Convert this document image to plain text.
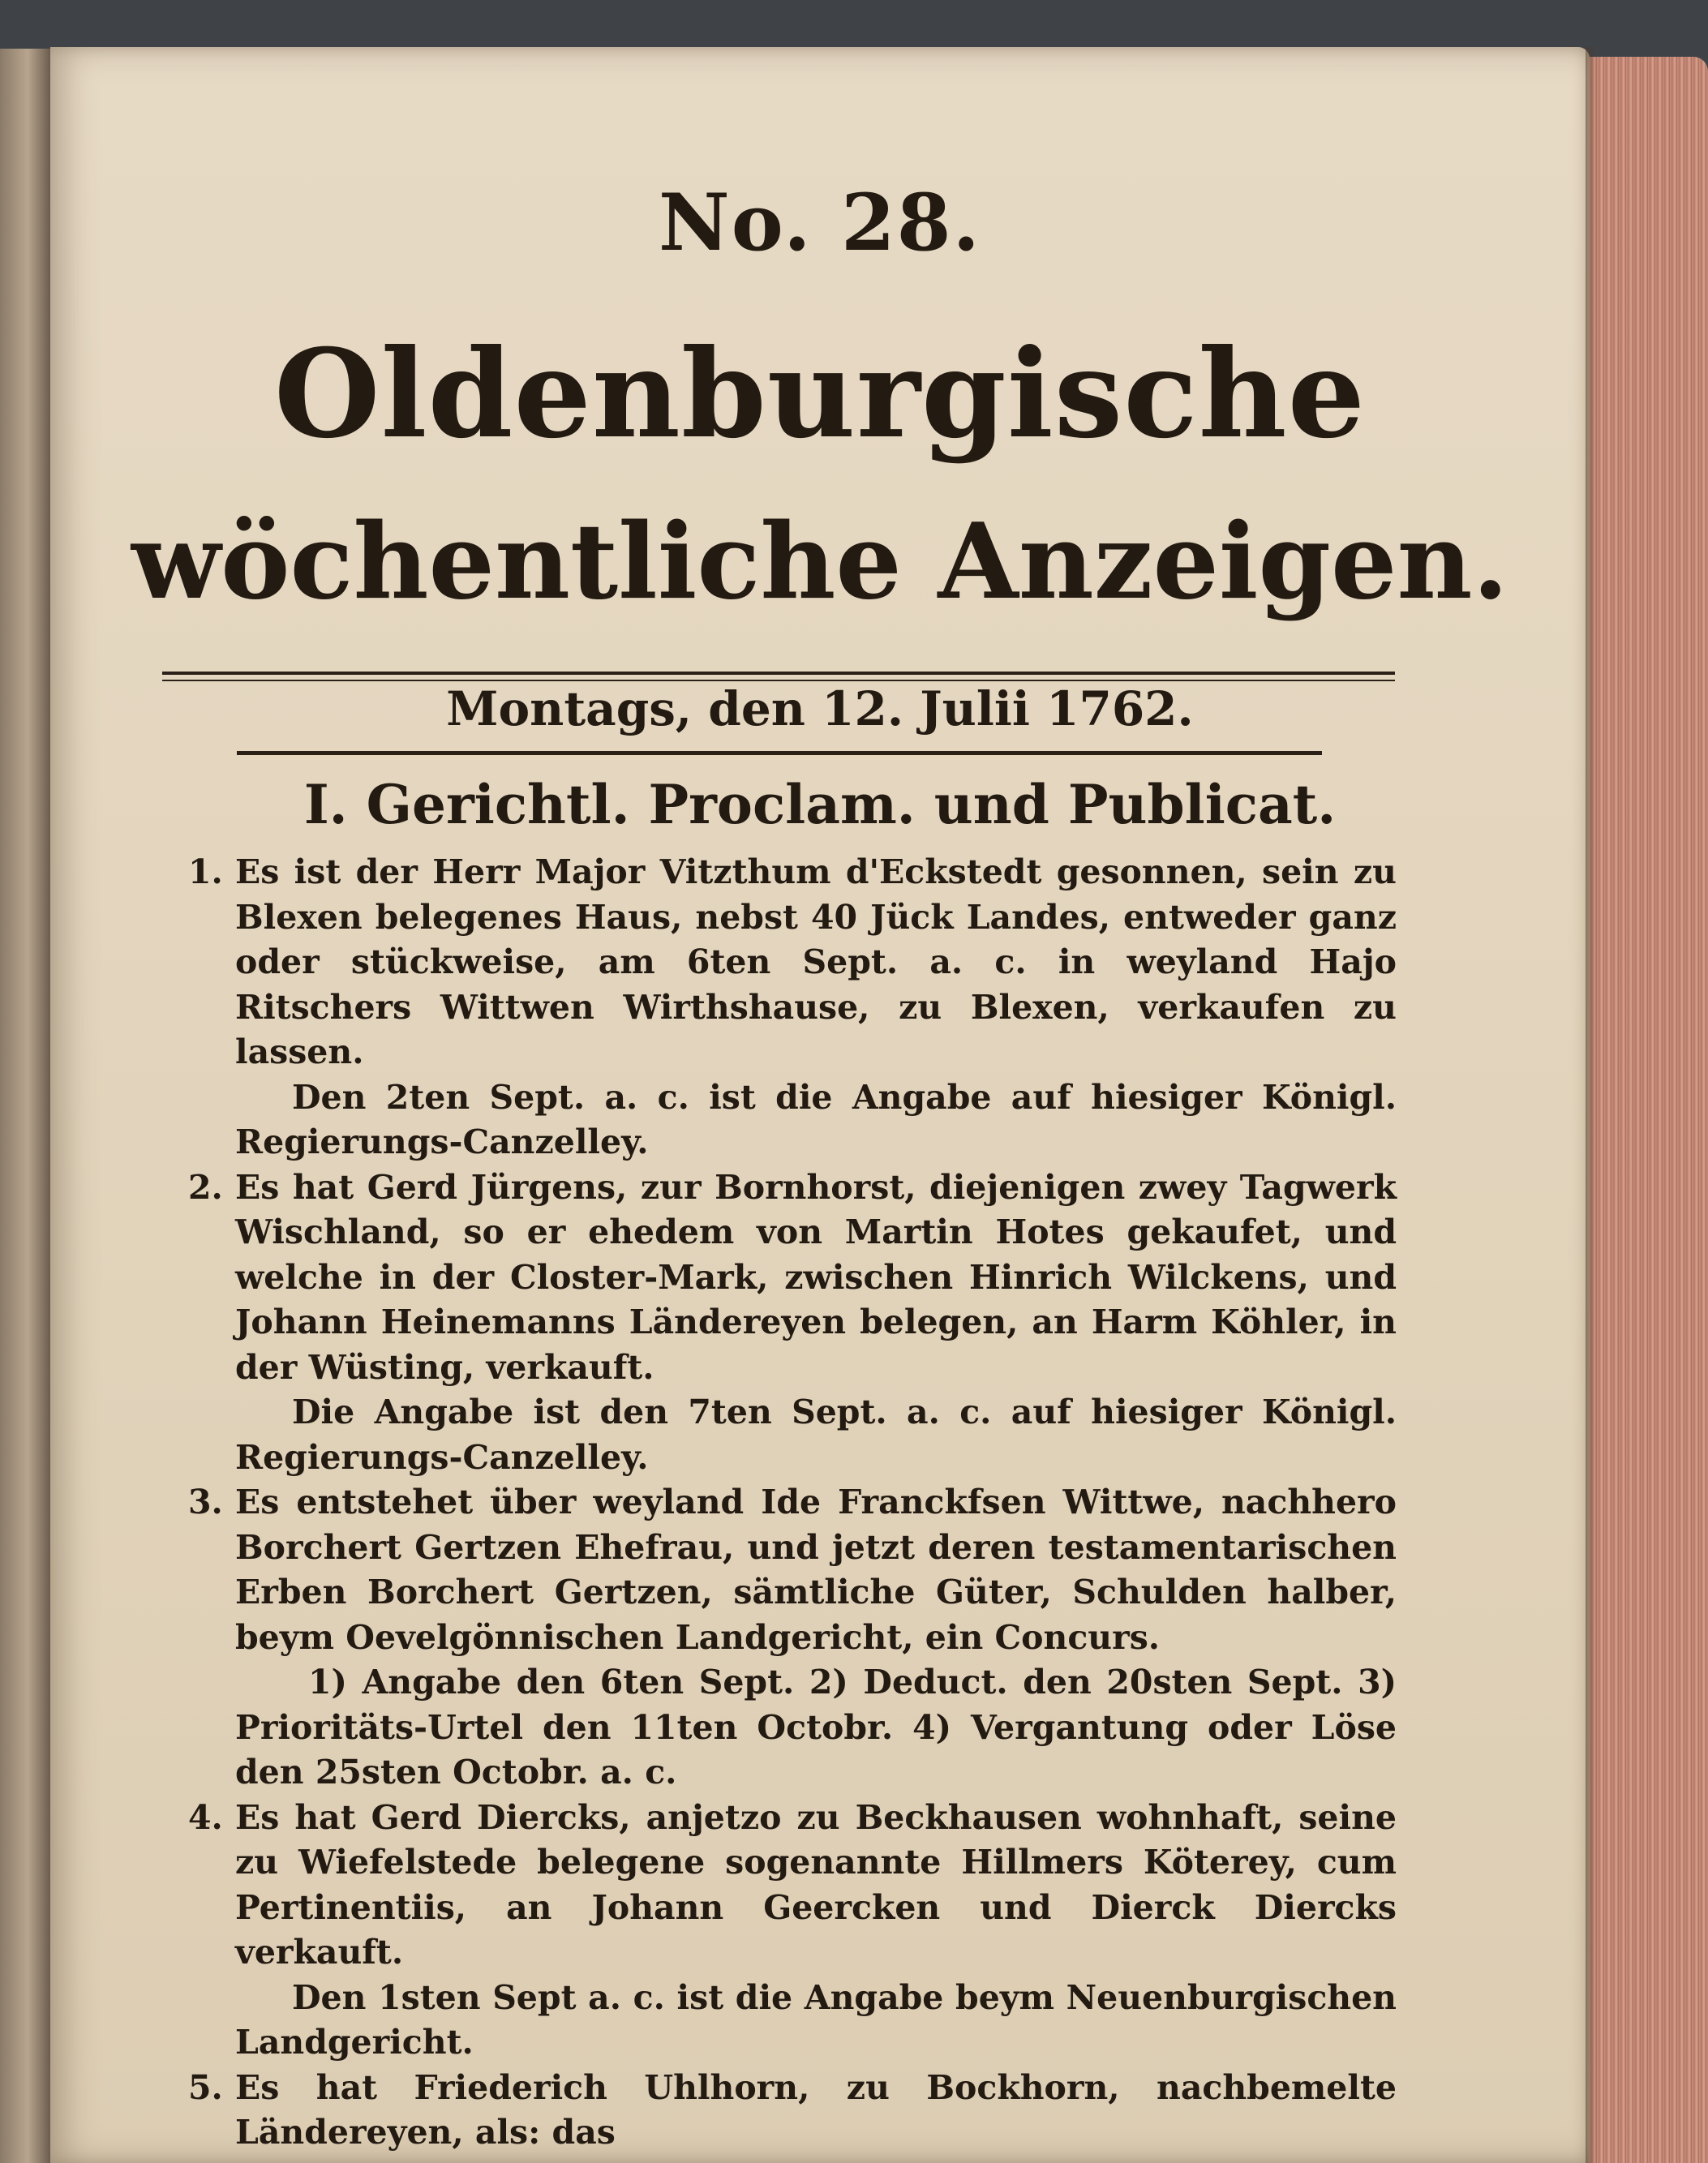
No. 28.
Oldenburgische
wöchentliche Anzeigen.
Montags, den 12. Julii 1762.
I. Gerichtl. Proclam. und Publicat.
1. Es ist der Herr Major Vitzthum d'Eckstedt gesonnen, sein zu Blexen belegenes Haus, nebst 40 Jück Landes, entweder ganz oder stückweise, am 6ten Sept. a. c. in weyland Hajo Ritschers Wittwen Wirthshause, zu Blexen, verkaufen zu lassen.
Den 2ten Sept. a. c. ist die Angabe auf hiesiger Königl. Regierungs-Canzelley.
2. Es hat Gerd Jürgens, zur Bornhorst, diejenigen zwey Tagwerk Wischland, so er ehedem von Martin Hotes gekaufet, und welche in der Closter-Mark, zwischen Hinrich Wilckens, und Johann Heinemanns Ländereyen belegen, an Harm Köhler, in der Wüsting, verkauft.
Die Angabe ist den 7ten Sept. a. c. auf hiesiger Königl. Regierungs-Canzelley.
3. Es entstehet über weyland Ide Franckfsen Wittwe, nachhero Borchert Gertzen Ehefrau, und jetzt deren testamentarischen Erben Borchert Gertzen, sämtliche Güter, Schulden halber, beym Oevelgönnischen Landgericht, ein Concurs.
1) Angabe den 6ten Sept. 2) Deduct. den 20sten Sept. 3) Prioritäts-Urtel den 11ten Octobr. 4) Vergantung oder Löse den 25sten Octobr. a. c.
4. Es hat Gerd Diercks, anjetzo zu Beckhausen wohnhaft, seine zu Wiefelstede belegene sogenannte Hillmers Köterey, cum Pertinentiis, an Johann Geercken und Dierck Diercks verkauft.
Den 1sten Sept a. c. ist die Angabe beym Neuenburgischen Landgericht.
5. Es hat Friederich Uhlhorn, zu Bockhorn, nachbemelte Ländereyen, als: das
